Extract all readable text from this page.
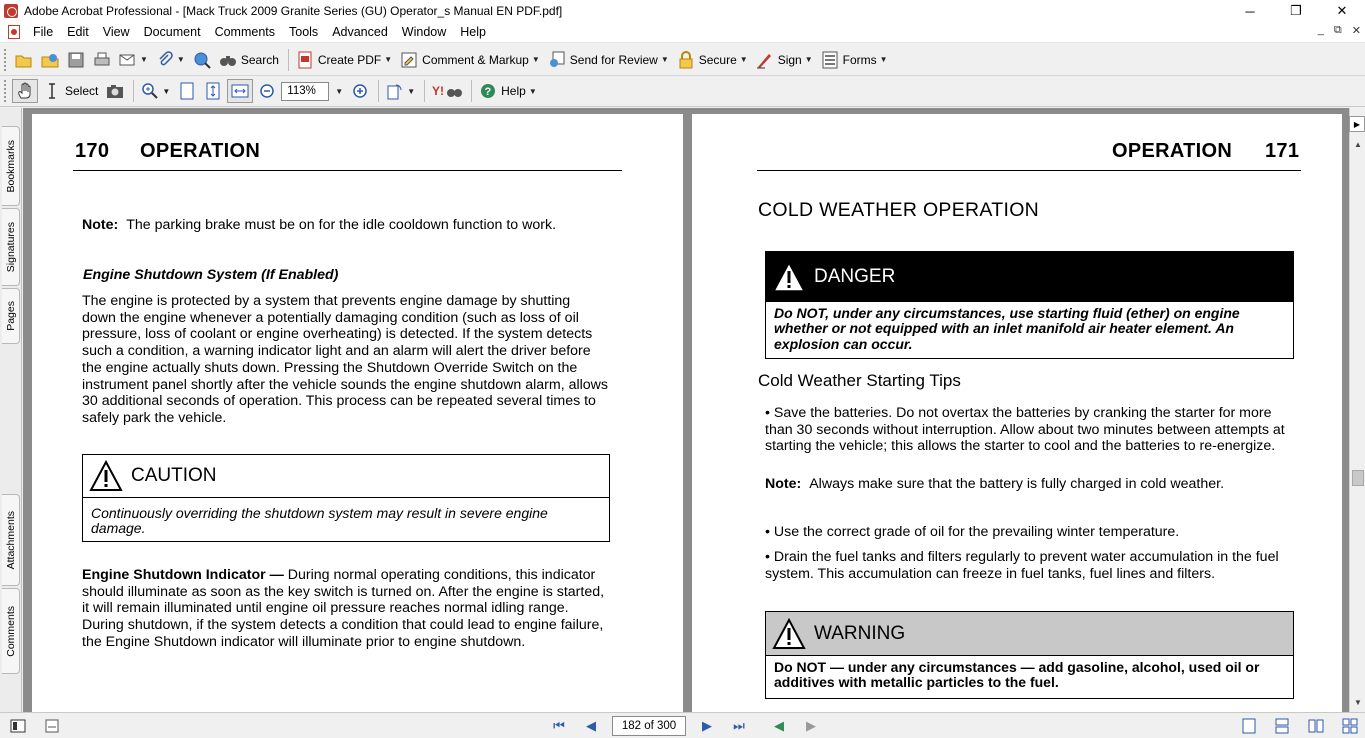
Adobe Acrobat Professional - [Mack Truck 2009 Granite Series (GU) Operator_s Manual EN PDF.pdf]	─	❐	✕
File	Edit	View	Document	Comments	Tools	Advanced	Window	Help	_ ⧉ ✕
▼	▼	Search	Create PDF ▼	Comment & Markup ▼	Send for Review ▼	Secure ▼	Sign ▼	Forms ▼
Select	▼	113%	▼	▼ Y!	? Help ▼
Bookmarks
Signatures
Pages
Attachments
Comments
170 OPERATION
Note: The parking brake must be on for the idle cooldown function to work.
Engine Shutdown System (If Enabled)
The engine is protected by a system that prevents engine damage by shutting
down the engine whenever a potentially damaging condition (such as loss of oil
pressure, loss of coolant or engine overheating) is detected. If the system detects
such a condition, a warning indicator light and an alarm will alert the driver before
the engine actually shuts down. Pressing the Shutdown Override Switch on the
instrument panel shortly after the vehicle sounds the engine shutdown alarm, allows
30 additional seconds of operation. This process can be repeated several times to
safely park the vehicle.
CAUTION
Continuously overriding the shutdown system may result in severe engine
damage.
Engine Shutdown Indicator — During normal operating conditions, this indicator
should illuminate as soon as the key switch is turned on. After the engine is started,
it will remain illuminated until engine oil pressure reaches normal idling range.
During shutdown, if the system detects a condition that could lead to engine failure,
the Engine Shutdown indicator will illuminate prior to engine shutdown.
OPERATION 171
COLD WEATHER OPERATION
DANGER
Do NOT, under any circumstances, use starting fluid (ether) on engine
whether or not equipped with an inlet manifold air heater element. An
explosion can occur.
Cold Weather Starting Tips
• Save the batteries. Do not overtax the batteries by cranking the starter for more
than 30 seconds without interruption. Allow about two minutes between attempts at
starting the vehicle; this allows the starter to cool and the batteries to re-energize.
Note: Always make sure that the battery is fully charged in cold weather.
• Use the correct grade of oil for the prevailing winter temperature.
• Drain the fuel tanks and filters regularly to prevent water accumulation in the fuel
system. This accumulation can freeze in fuel tanks, fuel lines and filters.
WARNING
Do NOT — under any circumstances — add gasoline, alcohol, used oil or
additives with metallic particles to the fuel.
▲
▼
▶
⏮	◀	182 of 300	▶	⏭	◀	▶
